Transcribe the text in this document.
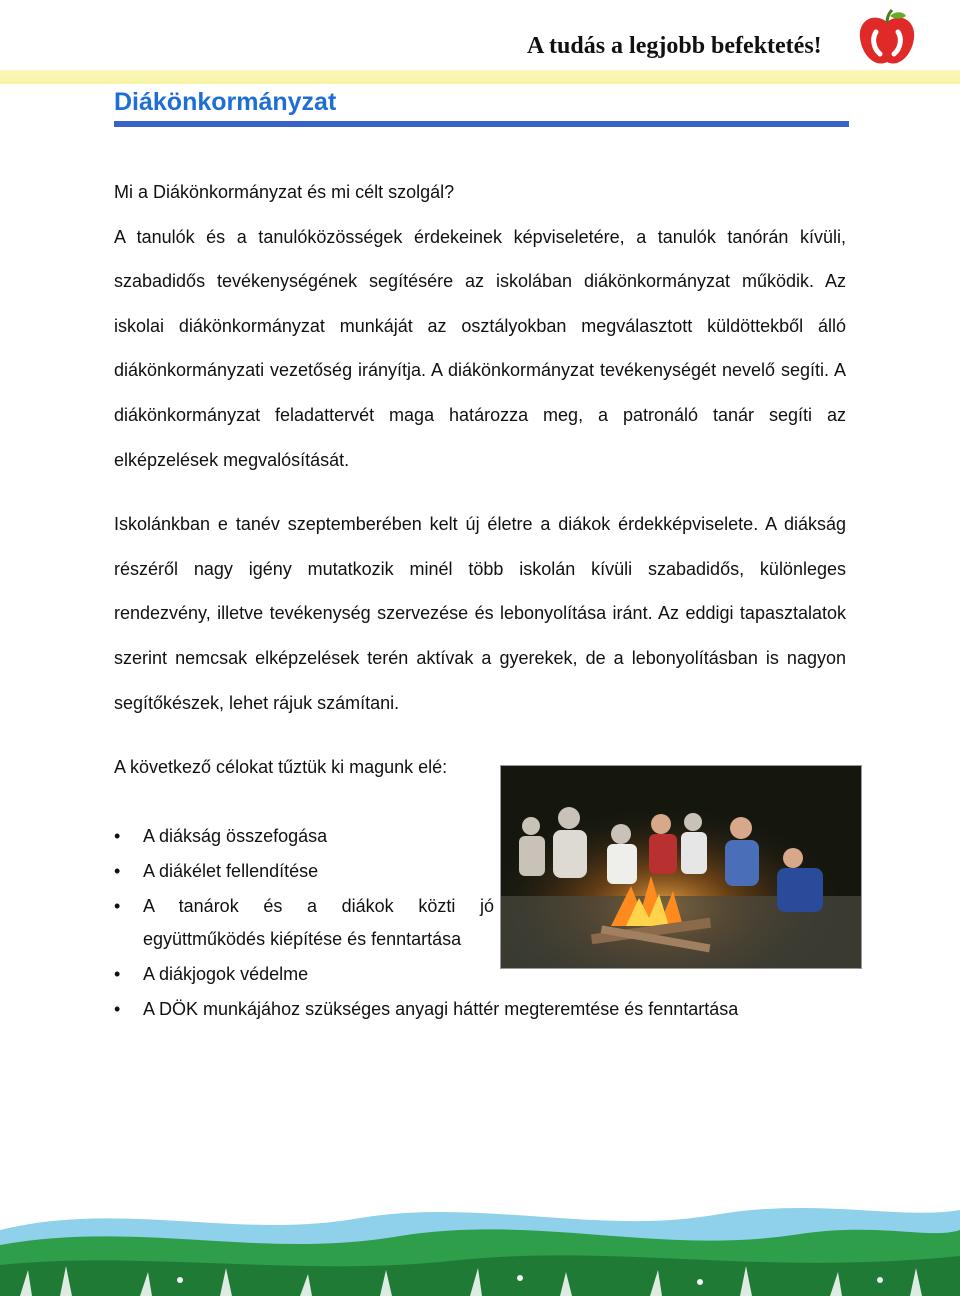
A tudás a legjobb befektetés!
Diákönkormányzat

Mi a Diákönkormányzat és mi célt szolgál?

A tanulók és a tanulóközösségek érdekeinek képviseletére, a tanulók tanórán kívüli, szabadidős tevékenységének segítésére az iskolában diákönkormányzat működik. Az iskolai diákönkormányzat munkáját az osztályokban megválasztott küldöttekből álló diákönkormányzati vezetőség irányítja. A diákönkormányzat tevékenységét nevelő segíti. A diákönkormányzat feladattervét maga határozza meg, a patronáló tanár segíti az elképzelések megvalósítását.

Iskolánkban e tanév szeptemberében kelt új életre a diákok érdekképviselete. A diákság részéről nagy igény mutatkozik minél több iskolán kívüli szabadidős, különleges rendezvény, illetve tevékenység szervezése és lebonyolítása iránt. Az eddigi tapasztalatok szerint nemcsak elképzelések terén aktívak a gyerekek, de a lebonyolításban is nagyon segítőkészek, lehet rájuk számítani.

A következő célokat tűztük ki magunk elé:

• A diákság összefogása
• A diákélet fellendítése
• A tanárok és a diákok közti jó együttműködés kiépítése és fenntartása
• A diákjogok védelme
• A DÖK munkájához szükséges anyagi háttér megteremtése és fenntartása
